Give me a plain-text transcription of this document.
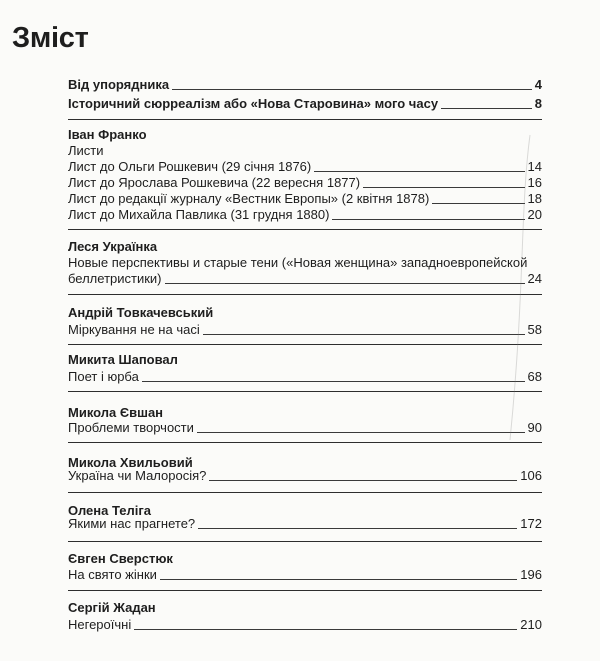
Зміст
Від упорядника	4
Історичний сюрреалізм або «Нова Старовина» мого часу	8
Іван Франко
Листи
Лист до Ольги Рошкевич (29 січня 1876)	14
Лист до Ярослава Рошкевича (22 вересня 1877)	16
Лист до редакції журналу «Вестник Европы» (2 квітня 1878)	18
Лист до Михайла Павлика (31 грудня 1880)	20
Леся Українка
Новые перспективы и старые тени («Новая женщина» западноевропейской
беллетристики)	24
Андрій Товкачевський
Міркування не на часі	58
Микита Шаповал
Поет і юрба	68
Микола Євшан
Проблеми творчости	90
Микола Хвильовий
Україна чи Малоросія?	106
Олена Теліга
Якими нас прагнете?	172
Євген Сверстюк
На свято жінки	196
Сергій Жадан
Негероїчні	210
